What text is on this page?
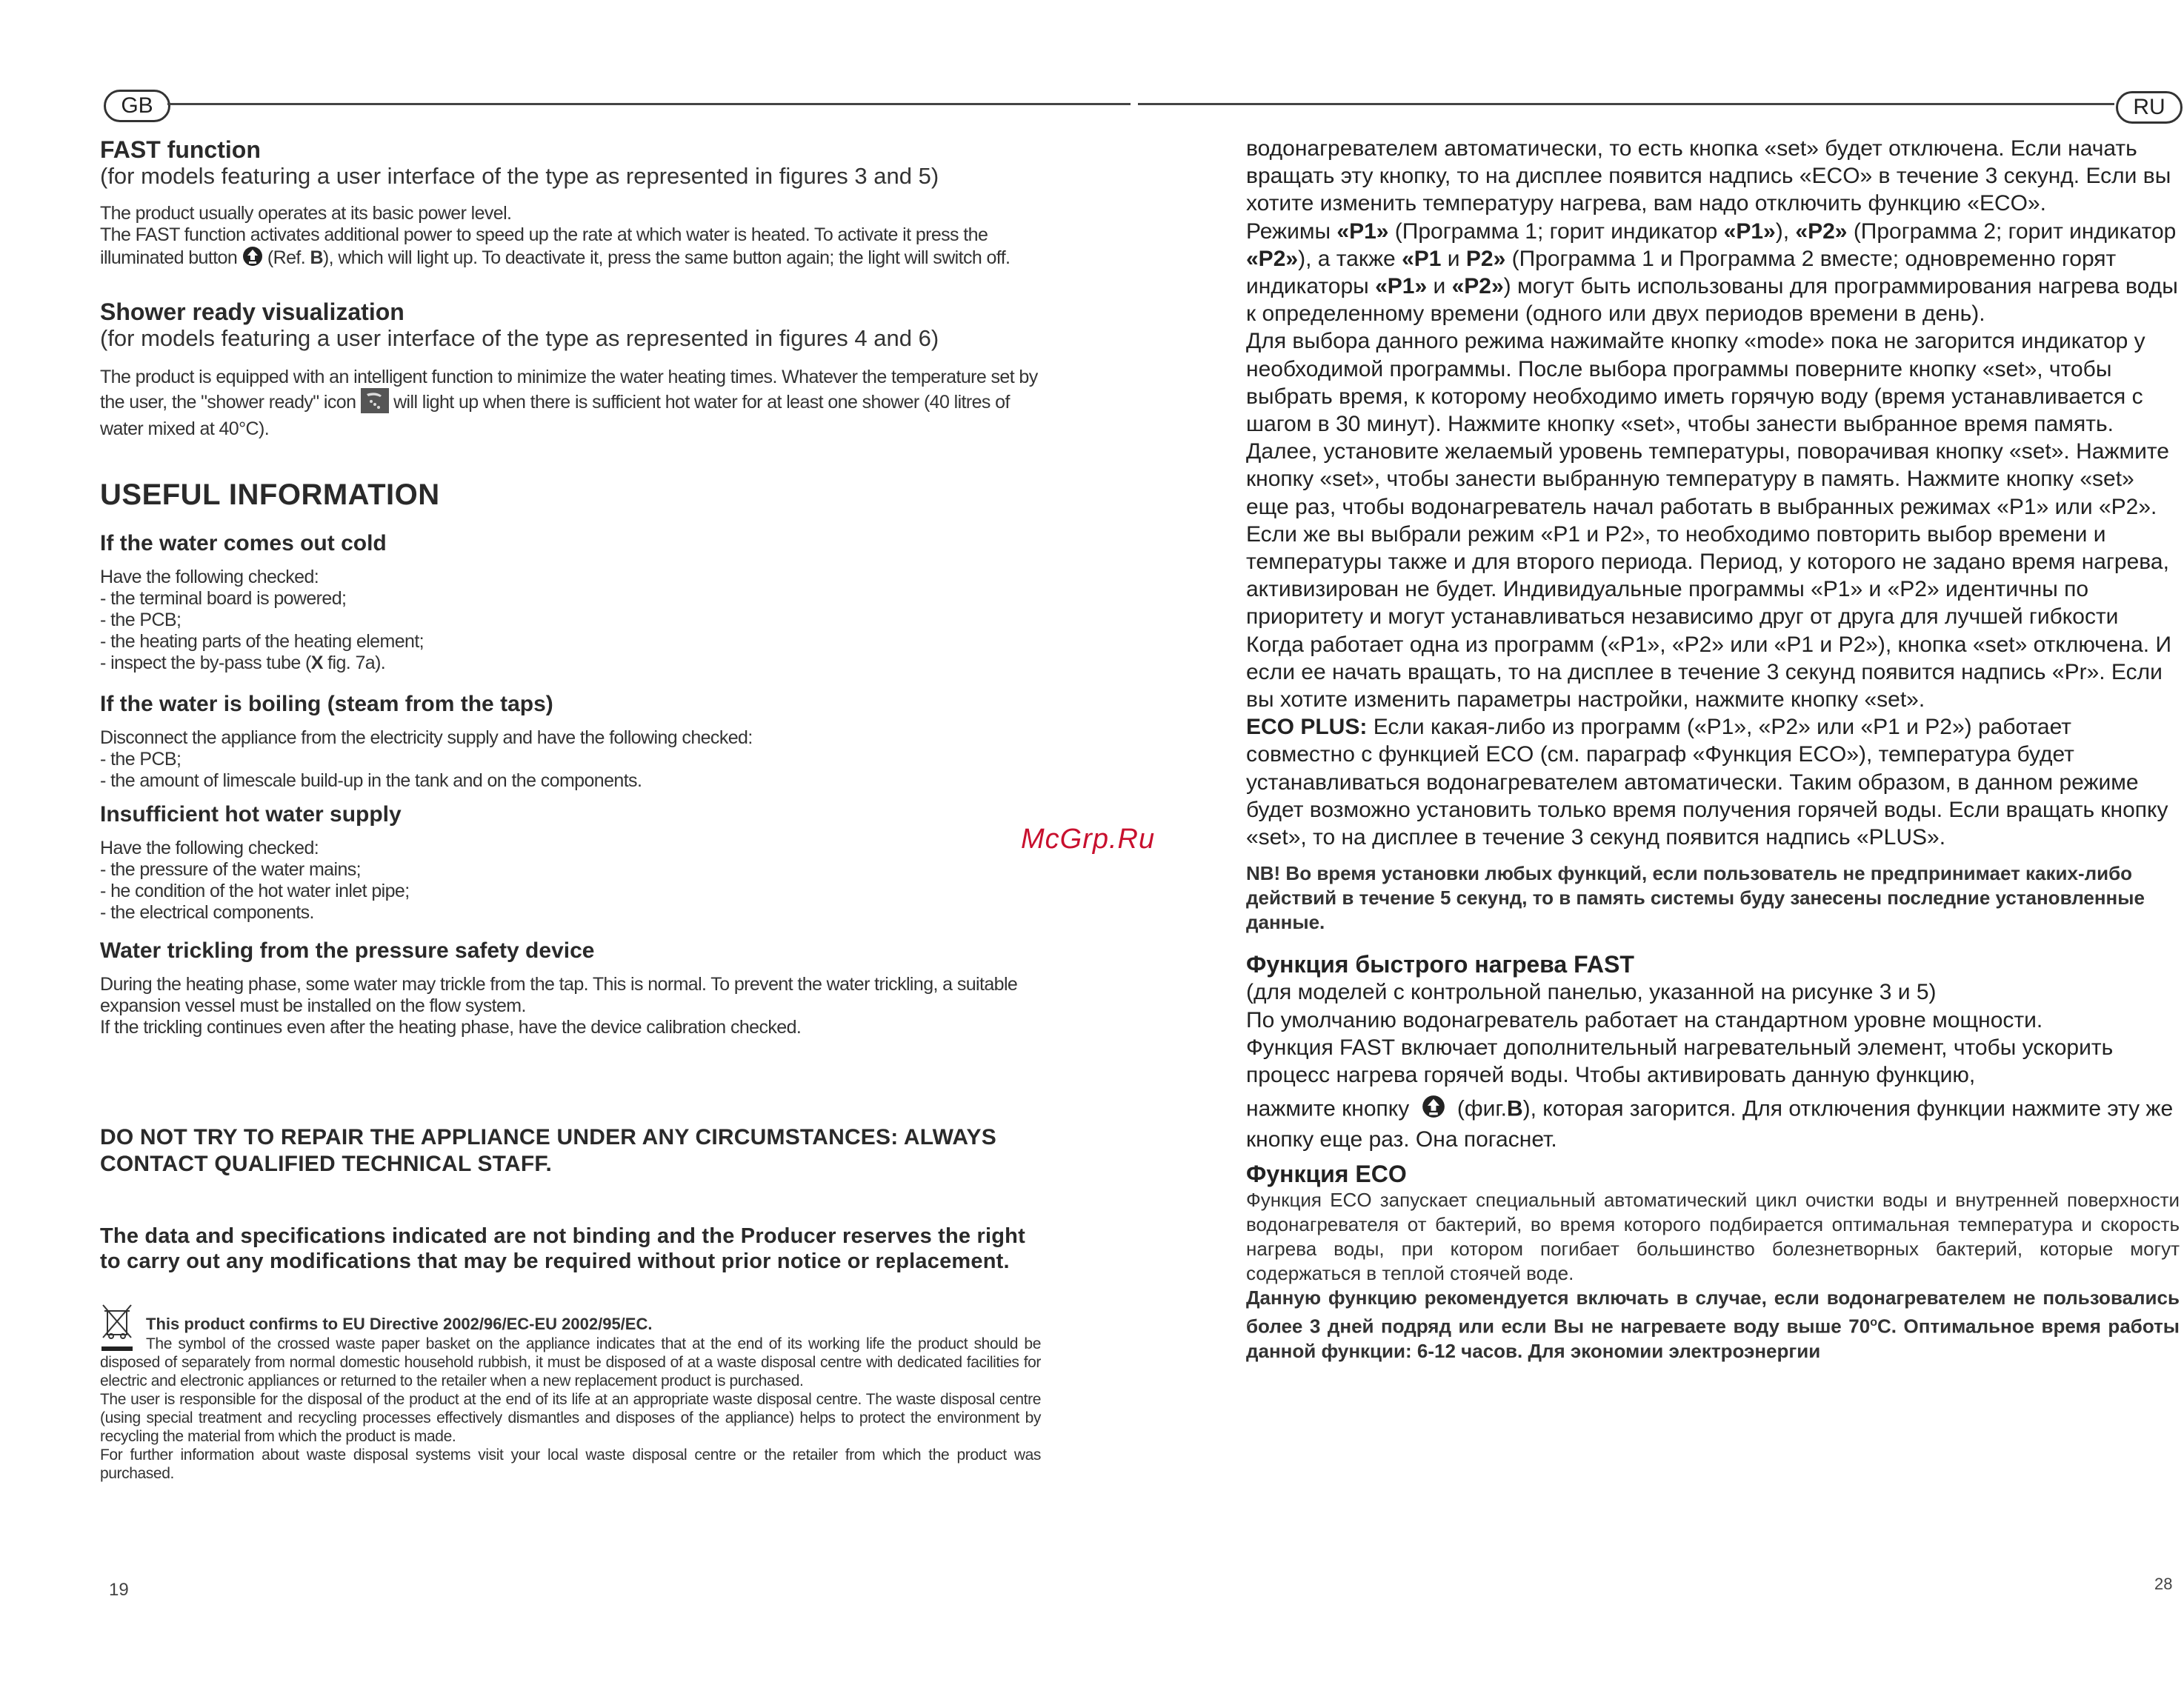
GB	RU
FAST function

(for models featuring a user interface of the type as represented in figures 3 and 5)

The product usually operates at its basic power level.

The FAST function activates additional power to speed up the rate at which water is heated. To activate it press the illuminated button (Ref. B), which will light up. To deactivate it, press the same button again; the light will switch off.

Shower ready visualization

(for models featuring a user interface of the type as represented in figures 4 and 6)

The product is equipped with an intelligent function to minimize the water heating times. Whatever the temperature set by the user, the "shower ready" icon will light up when there is sufficient hot water for at least one shower (40 litres of water mixed at 40°C).

USEFUL INFORMATION
If the water comes out cold

Have the following checked:

- the terminal board is powered;

- the PCB;

- the heating parts of the heating element;

- inspect the by-pass tube (X fig. 7a).

If the water is boiling (steam from the taps)

Disconnect the appliance from the electricity supply and have the following checked:

- the PCB;

- the amount of limescale build-up in the tank and on the components.

Insufficient hot water supply

Have the following checked:

- the pressure of the water mains;

- he condition of the hot water inlet pipe;

- the electrical components.

Water trickling from the pressure safety device

During the heating phase, some water may trickle from the tap. This is normal. To prevent the water trickling, a suitable expansion vessel must be installed on the flow system.

If the trickling continues even after the heating phase, have the device calibration checked.

DO NOT TRY TO REPAIR THE APPLIANCE UNDER ANY CIRCUMSTANCES: ALWAYS CONTACT QUALIFIED TECHNICAL STAFF.

The data and specifications indicated are not binding and the Producer reserves the right to carry out any modifications that may be required without prior notice or replacement.

This product confirms to EU Directive 2002/96/EC-EU 2002/95/EC.

The symbol of the crossed waste paper basket on the appliance indicates that at the end of its working life the product should be disposed of separately from normal domestic household rubbish, it must be disposed of at a waste disposal centre with dedicated facilities for electric and electronic appliances or returned to the retailer when a new replacement product is purchased.

The user is responsible for the disposal of the product at the end of its life at an appropriate waste disposal centre. The waste disposal centre (using special treatment and recycling processes effectively dismantles and disposes of the appliance) helps to protect the environment by recycling the material from which the product is made.

For further information about waste disposal systems visit your local waste disposal centre or the retailer from which the product was purchased.

19
McGrp.Ru

водонагревателем автоматически, то есть кнопка «set» будет отключена. Если начать вращать эту кнопку, то на дисплее появится надпись «ECO» в течение 3 секунд. Если вы хотите изменить температуру нагрева, вам надо отключить функцию «ECO».

Режимы «P1» (Программа 1; горит индикатор «P1»), «P2» (Программа 2; горит индикатор «P2»), а также «P1 и P2» (Программа 1 и Программа 2 вместе; одновременно горят индикаторы «P1» и «P2») могут быть использованы для программирования нагрева воды к определенному времени (одного или двух периодов времени в день).

Для выбора данного режима нажимайте кнопку «mode» пока не загорится индикатор у необходимой программы. После выбора программы поверните кнопку «set», чтобы выбрать время, к которому необходимо иметь горячую воду (время устанавливается с шагом в 30 минут). Нажмите кнопку «set», чтобы занести выбранное время память.

Далее, установите желаемый уровень температуры, поворачивая кнопку «set». Нажмите кнопку «set», чтобы занести выбранную температуру в память. Нажмите кнопку «set» еще раз, чтобы водонагреватель начал работать в выбранных режимах «P1» или «P2».

Если же вы выбрали режим «P1 и P2», то необходимо повторить выбор времени и температуры также и для второго периода. Период, у которого не задано время нагрева, активизирован не будет. Индивидуальные программы «P1» и «P2» идентичны по приоритету и могут устанавливаться независимо друг от друга для лучшей гибкости

Когда работает одна из программ («P1», «P2» или «P1 и P2»), кнопка «set» отключена. И если ее начать вращать, то на дисплее в течение 3 секунд появится надпись «Pr». Если вы хотите изменить параметры настройки, нажмите кнопку «set».

ECO PLUS: Если какая-либо из программ («P1», «P2» или «P1 и P2») работает совместно с функцией ECO (см. параграф «Функция ECO»), температура будет устанавливаться водонагревателем автоматически. Таким образом, в данном режиме будет возможно установить только время получения горячей воды. Если вращать кнопку «set», то на дисплее в течение 3 секунд появится надпись «PLUS».

NB! Во время установки любых функций, если пользователь не предпринимает каких-либо действий в течение 5 секунд, то в память системы буду занесены последние установленные данные.

Функция быстрого нагрева FAST

(для моделей с контрольной панелью, указанной на рисунке 3 и 5)

По умолчанию водонагреватель работает на стандартном уровне мощности.

Функция FAST включает дополнительный нагревательный элемент, чтобы ускорить процесс нагрева горячей воды. Чтобы активировать данную функцию,

нажмите кнопку (фиг.B), которая загорится. Для отключения функции нажмите эту же кнопку еще раз. Она погаснет.

Функция ECO

Функция ECO запускает специальный автоматический цикл очистки воды и внутренней поверхности водонагревателя от бактерий, во время которого подбирается оптимальная температура и скорость нагрева воды, при котором погибает большинство болезнетворных бактерий, которые могут содержаться в теплой стоячей воде.

Данную функцию рекомендуется включать в случае, если водонагревателем не пользовались более 3 дней подряд или если Вы не нагреваете воду выше 70$^o$C. Оптимальное время работы данной функции: 6-12 часов. Для экономии электроэнергии

28
